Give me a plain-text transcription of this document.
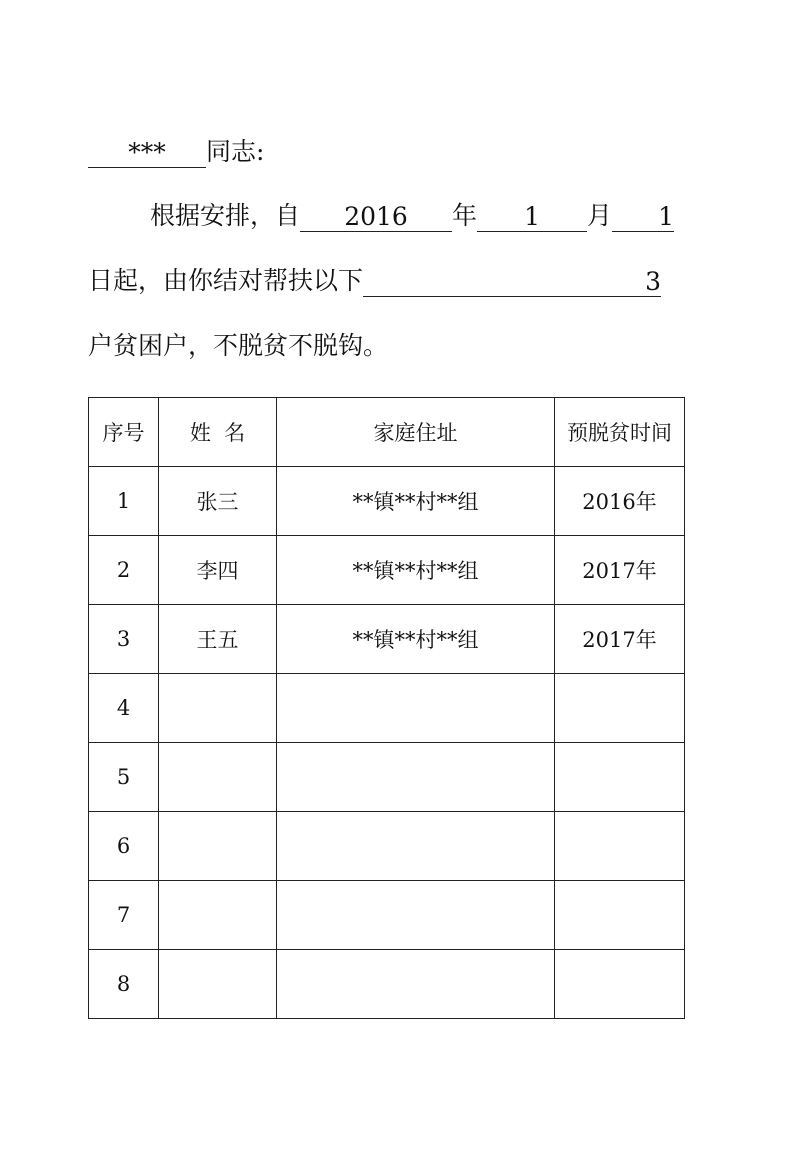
*** 同志:
根据安排，自 2016 年 1 月 1
日起，由你结对帮扶以下	3
户贫困户，不脱贫不脱钩。
序号	姓  名	家庭住址	预脱贫时间
1	张三	**镇**村**组	2016年
2	李四	**镇**村**组	2017年
3	王五	**镇**村**组	2017年
4			
5			
6			
7			
8			
